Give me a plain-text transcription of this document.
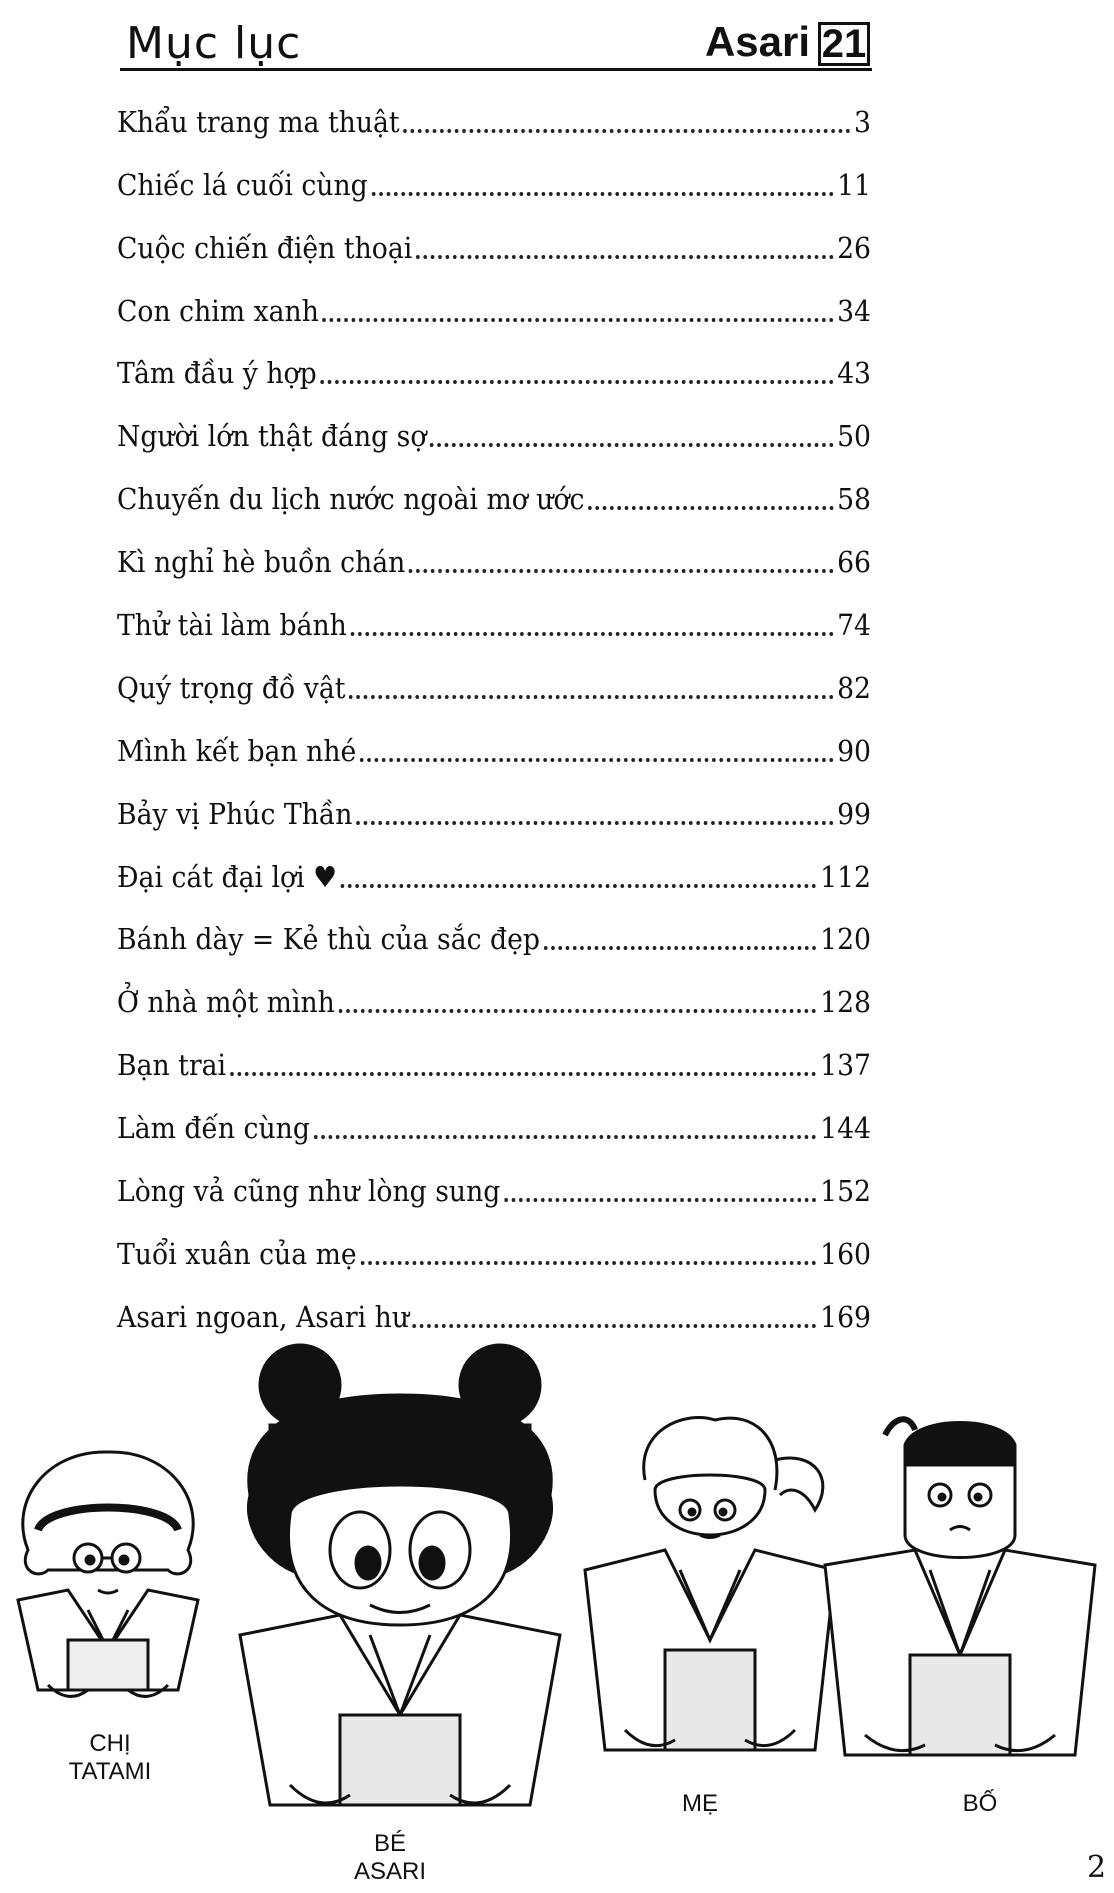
Mục lục	Asari 21
Khẩu trang ma thuật	3
Chiếc lá cuối cùng	11
Cuộc chiến điện thoại	26
Con chim xanh	34
Tâm đầu ý hợp	43
Người lớn thật đáng sợ	50
Chuyến du lịch nước ngoài mơ ước	58
Kì nghỉ hè buồn chán	66
Thử tài làm bánh	74
Quý trọng đồ vật	82
Mình kết bạn nhé	90
Bảy vị Phúc Thần	99
Đại cát đại lợi ♥	112
Bánh dày = Kẻ thù của sắc đẹp	120
Ở nhà một mình	128
Bạn trai	137
Làm đến cùng	144
Lòng vả cũng như lòng sung	152
Tuổi xuân của mẹ	160
Asari ngoan, Asari hư	169
CHỊ
TATAMI
BÉ
ASARI
MẸ	BỐ
2
